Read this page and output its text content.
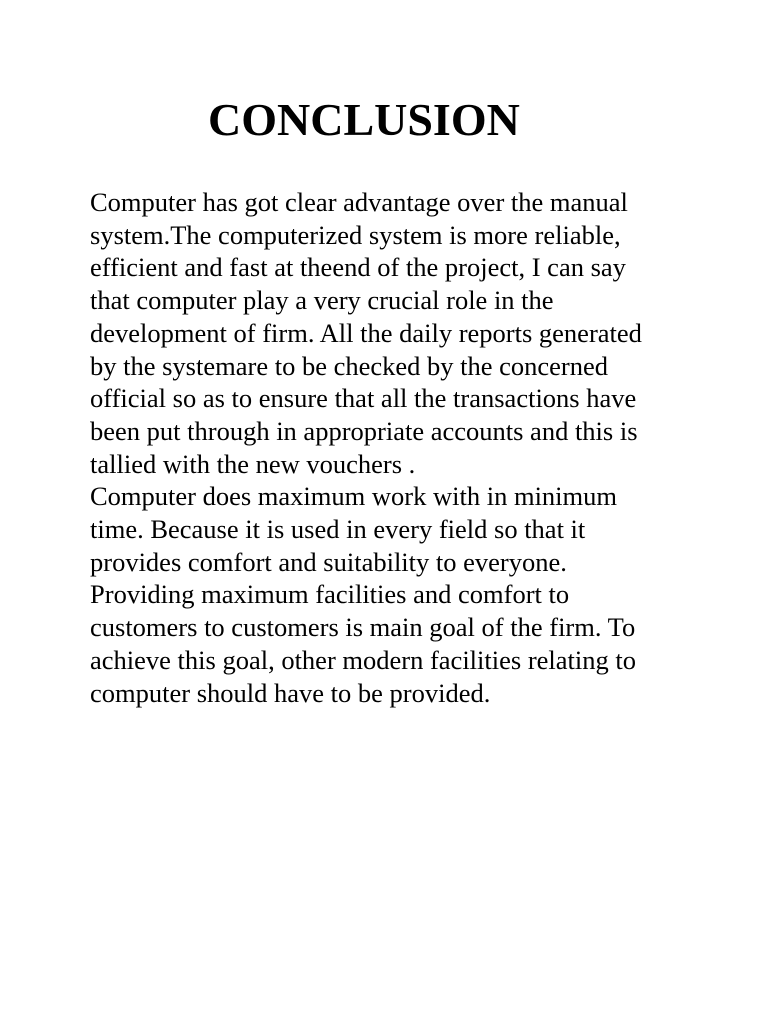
CONCLUSION
Computer has got clear advantage over the manual
system.The computerized system is more reliable,
efficient and fast at theend of the project, I can say
that computer play a very crucial role in the
development of firm. All the daily reports generated
by the systemare to be checked by the concerned
official so as to ensure that all the transactions have
been put through in appropriate accounts and this is
tallied with the new vouchers .
Computer does maximum work with in minimum
time. Because it is used in every field so that it
provides comfort and suitability to everyone.
Providing maximum facilities and comfort to
customers to customers is main goal of the firm. To
achieve this goal, other modern facilities relating to
computer should have to be provided.
